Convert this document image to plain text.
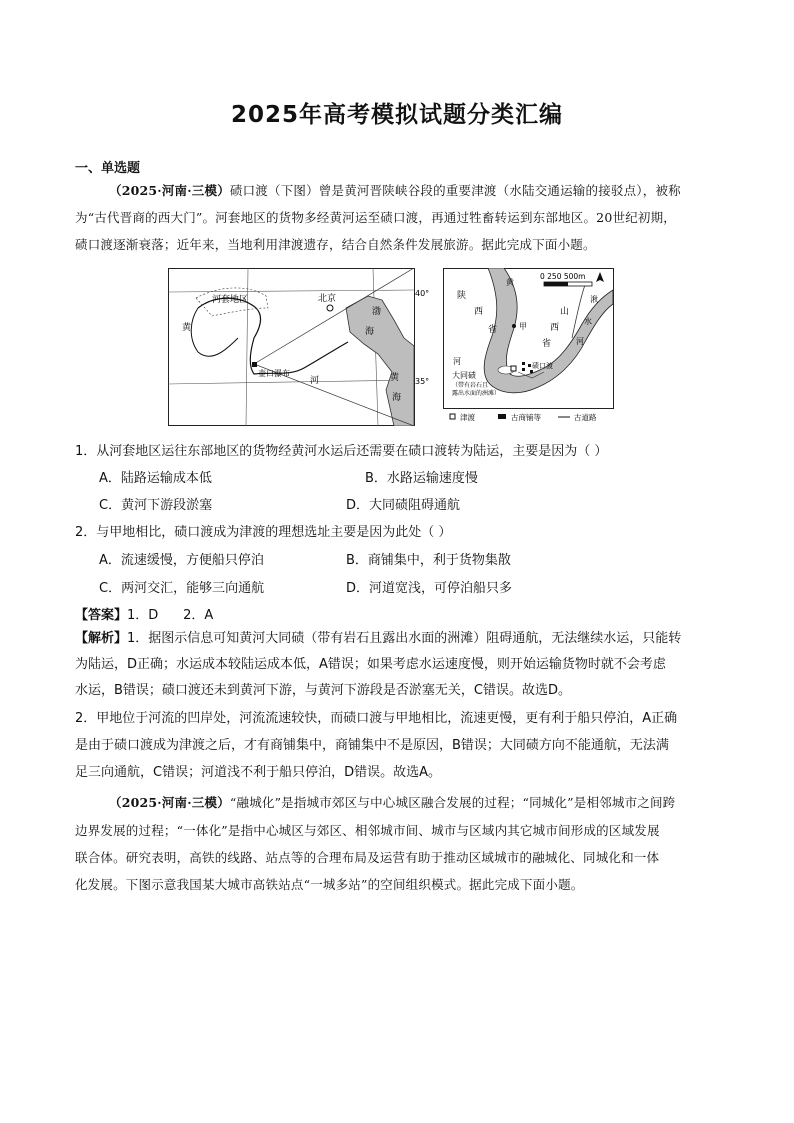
2025年高考模拟试题分类汇编
一、单选题
（2025·河南·三模）碛口渡（下图）曾是黄河晋陕峡谷段的重要津渡（水陆交通运输的接驳点），被称
为“古代晋商的西大门”。河套地区的货物多经黄河运至碛口渡，再通过牲畜转运到东部地区。20世纪初期，
碛口渡逐渐衰落；近年来，当地利用津渡遗存，结合自然条件发展旅游。据此完成下面小题。
河套地区
黄
北京
渤
海
壶口瀑布
河	黄
海
40°
35°
0 250 500m
陕
西
省
黄
甲
山
西
省
湫
水
河
河	碛口渡
大同碛
（带有岩石且
露出水面的洲滩）
津渡	古商铺等	古道路
1．从河套地区运往东部地区的货物经黄河水运后还需要在碛口渡转为陆运，主要是因为（ ）
A．陆路运输成本低	B．水路运输速度慢
C．黄河下游段淤塞	D．大同碛阻碍通航
2．与甲地相比，碛口渡成为津渡的理想选址主要是因为此处（ ）
A．流速缓慢，方便船只停泊	B．商铺集中，利于货物集散
C．两河交汇，能够三向通航	D．河道宽浅，可停泊船只多
【答案】1．D      2．A
【解析】1．据图示信息可知黄河大同碛（带有岩石且露出水面的洲滩）阻碍通航，无法继续水运，只能转
为陆运，D正确；水运成本较陆运成本低，A错误；如果考虑水运速度慢，则开始运输货物时就不会考虑
水运，B错误；碛口渡还未到黄河下游，与黄河下游段是否淤塞无关，C错误。故选D。
2．甲地位于河流的凹岸处，河流流速较快，而碛口渡与甲地相比，流速更慢，更有利于船只停泊，A正确
是由于碛口渡成为津渡之后，才有商铺集中，商铺集中不是原因，B错误；大同碛方向不能通航，无法满
足三向通航，C错误；河道浅不利于船只停泊，D错误。故选A。
（2025·河南·三模）“融城化”是指城市郊区与中心城区融合发展的过程；“同城化”是相邻城市之间跨
边界发展的过程；“一体化”是指中心城区与郊区、相邻城市间、城市与区域内其它城市间形成的区域发展
联合体。研究表明，高铁的线路、站点等的合理布局及运营有助于推动区域城市的融城化、同城化和一体
化发展。下图示意我国某大城市高铁站点“一城多站”的空间组织模式。据此完成下面小题。
